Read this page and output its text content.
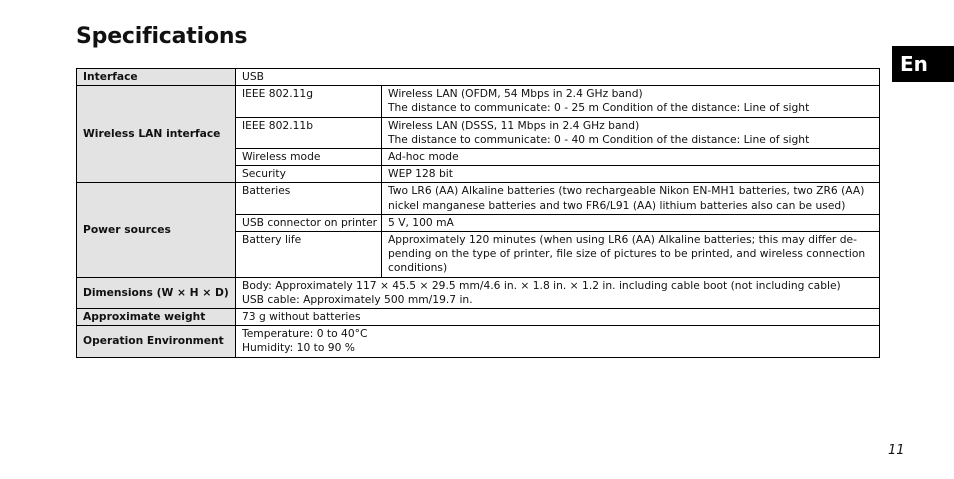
Specifications
En
Interface	USB	
Wireless LAN interface	IEEE 802.11g	Wireless LAN (OFDM, 54 Mbps in 2.4 GHz band)
The distance to communicate: 0 - 25 m Condition of the distance: Line of sight

	IEEE 802.11b	Wireless LAN (DSSS, 11 Mbps in 2.4 GHz band)
The distance to communicate: 0 - 40 m Condition of the distance: Line of sight

	Wireless mode	Ad-hoc mode
	Security	WEP 128 bit
Power sources	Batteries	Two LR6 (AA) Alkaline batteries (two rechargeable Nikon EN-MH1 batteries, two ZR6 (AA)
nickel manganese batteries and two FR6/L91 (AA) lithium batteries also can be used)

	USB connector on printer	5 V, 100 mA
	Battery life	Approximately 120 minutes (when using LR6 (AA) Alkaline batteries; this may differ de-
pending on the type of printer, file size of pictures to be printed, and wireless connection
conditions)

Dimensions (W × H × D)	Body: Approximately 117 × 45.5 × 29.5 mm/4.6 in. × 1.8 in. × 1.2 in. including cable boot (not including cable)
USB cable: Approximately 500 mm/19.7 in.	

Approximate weight	73 g without batteries	
Operation Environment	Temperature: 0 to 40°C
Humidity: 10 to 90 %	
11
